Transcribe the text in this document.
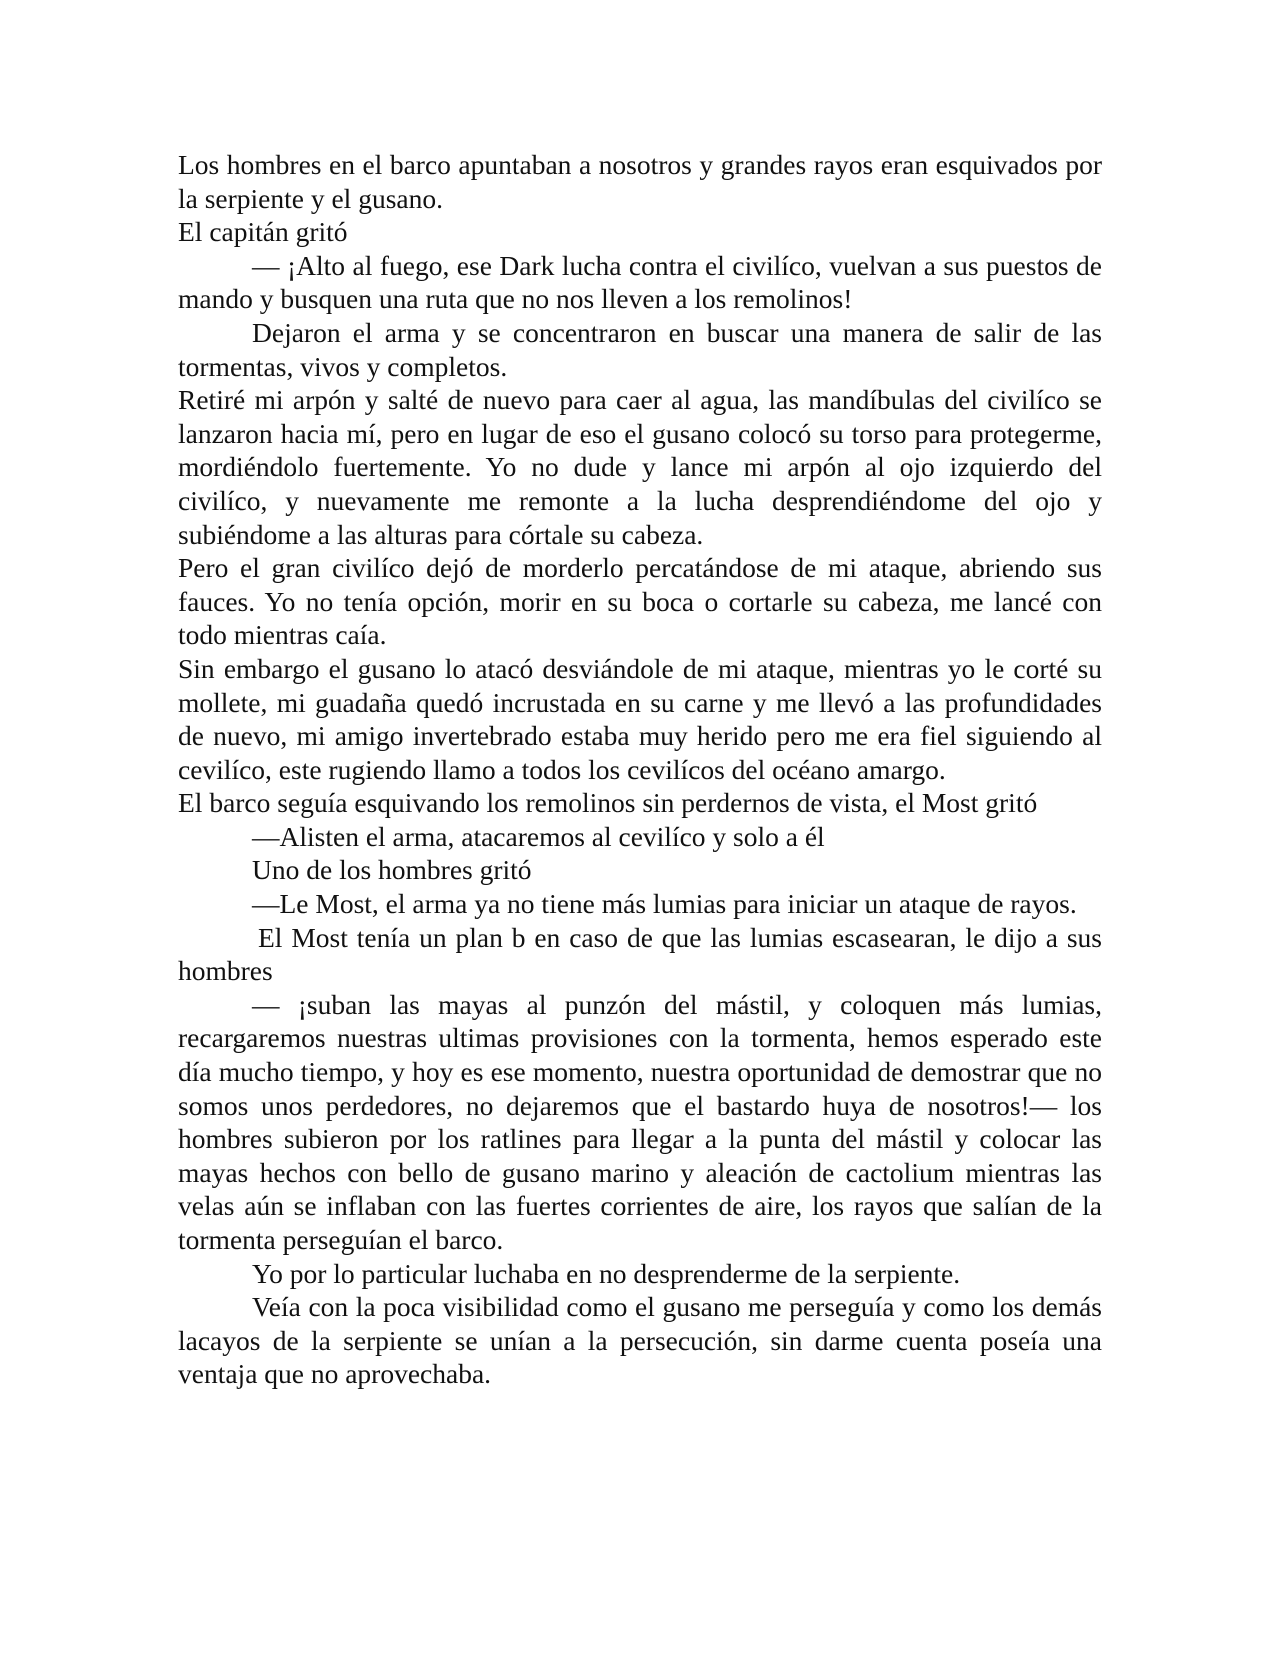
Los hombres en el barco apuntaban a nosotros y grandes rayos eran esquivados por la serpiente y el gusano.

El capitán gritó

— ¡Alto al fuego, ese Dark lucha contra el civilíco, vuelvan a sus puestos de mando y busquen una ruta que no nos lleven a los remolinos!

Dejaron el arma y se concentraron en buscar una manera de salir de las tormentas, vivos y completos.

Retiré mi arpón y salté de nuevo para caer al agua, las mandíbulas del civilíco se lanzaron hacia mí, pero en lugar de eso el gusano colocó su torso para protegerme, mordiéndolo fuertemente. Yo no dude y lance mi arpón al ojo izquierdo del civilíco, y nuevamente me remonte a la lucha desprendiéndome del ojo y subiéndome a las alturas para córtale su cabeza.

Pero el gran civilíco dejó de morderlo percatándose de mi ataque, abriendo sus fauces. Yo no tenía opción, morir en su boca o cortarle su cabeza, me lancé con todo mientras caía.

Sin embargo el gusano lo atacó desviándole de mi ataque, mientras yo le corté su mollete, mi guadaña quedó incrustada en su carne y me llevó a las profundidades de nuevo, mi amigo invertebrado estaba muy herido pero me era fiel siguiendo al cevilíco, este rugiendo llamo a todos los cevilícos del océano amargo.

El barco seguía esquivando los remolinos sin perdernos de vista, el Most gritó

—Alisten el arma, atacaremos al cevilíco y solo a él

Uno de los hombres gritó

—Le Most, el arma ya no tiene más lumias para iniciar un ataque de rayos.

El Most tenía un plan b en caso de que las lumias escasearan, le dijo a sus hombres

— ¡suban las mayas al punzón del mástil, y coloquen más lumias, recargaremos nuestras ultimas provisiones con la tormenta, hemos esperado este día mucho tiempo, y hoy es ese momento, nuestra oportunidad de demostrar que no somos unos perdedores, no dejaremos que el bastardo huya de nosotros!— los hombres subieron por los ratlines para llegar a la punta del mástil y colocar las mayas hechos con bello de gusano marino y aleación de cactolium mientras las velas aún se inflaban con las fuertes corrientes de aire, los rayos que salían de la tormenta perseguían el barco.

Yo por lo particular luchaba en no desprenderme de la serpiente.

Veía con la poca visibilidad como el gusano me perseguía y como los demás lacayos de la serpiente se unían a la persecución, sin darme cuenta poseía una ventaja que no aprovechaba.
